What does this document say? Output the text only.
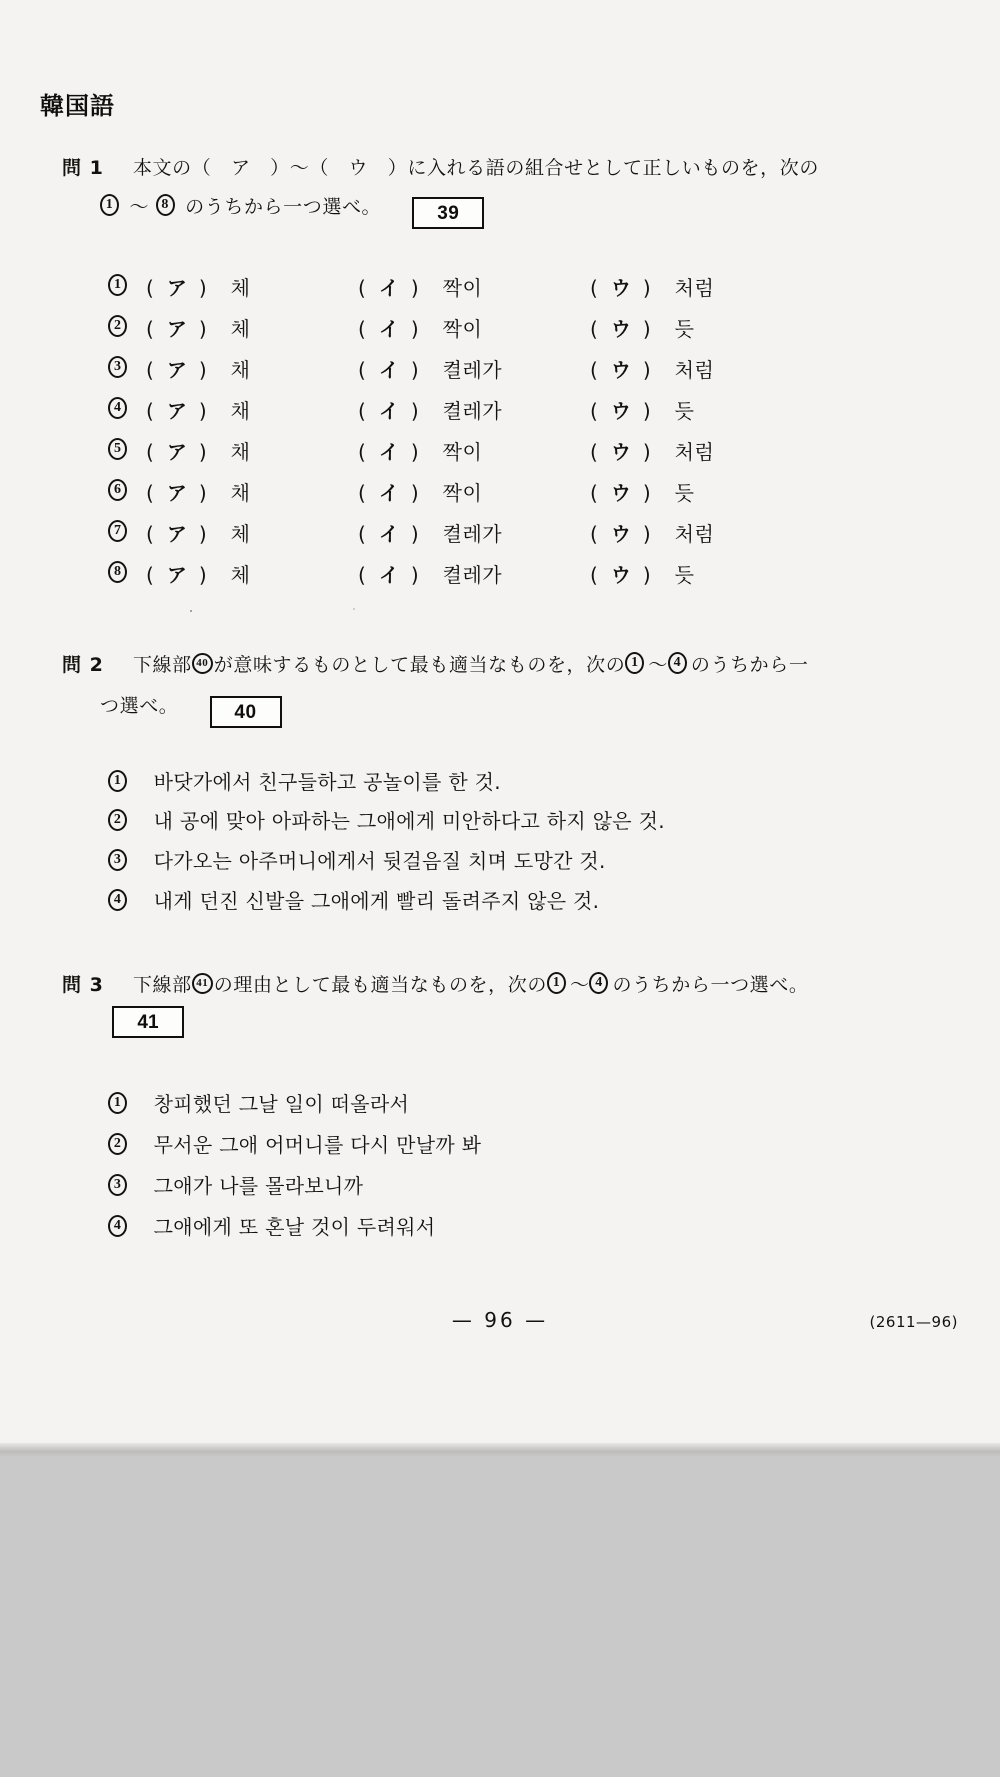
韓国語
問 1 本文の（　ア　）〜（　ウ　）に入れる語の組合せとして正しいものを，次の
1 〜 8 のうちから一つ選べ。	39
1	( ア ) 체	( イ ) 짝이	( ウ ) 처럼
2	( ア ) 체	( イ ) 짝이	( ウ ) 듯
3	( ア ) 채	( イ ) 켤레가	( ウ ) 처럼
4	( ア ) 채	( イ ) 켤레가	( ウ ) 듯
5	( ア ) 채	( イ ) 짝이	( ウ ) 처럼
6	( ア ) 채	( イ ) 짝이	( ウ ) 듯
7	( ア ) 체	( イ ) 켤레가	( ウ ) 처럼
8	( ア ) 체	( イ ) 켤레가	( ウ ) 듯
問 2 下線部 40 が意味するものとして最も適当なものを，次の 1 〜 4 のうちから一
つ選べ。	40
1 바닷가에서 친구들하고 공놀이를 한 것.
2 내 공에 맞아 아파하는 그애에게 미안하다고 하지 않은 것.
3 다가오는 아주머니에게서 뒷걸음질 치며 도망간 것.
4 내게 던진 신발을 그애에게 빨리 돌려주지 않은 것.
問 3 下線部 41 の理由として最も適当なものを，次の 1 〜 4 のうちから一つ選べ。
41
1 창피했던 그날 일이 떠올라서
2 무서운 그애 어머니를 다시 만날까 봐
3 그애가 나를 몰라보니까
4 그애에게 또 혼날 것이 두려워서
— 96 —	(2611—96)
